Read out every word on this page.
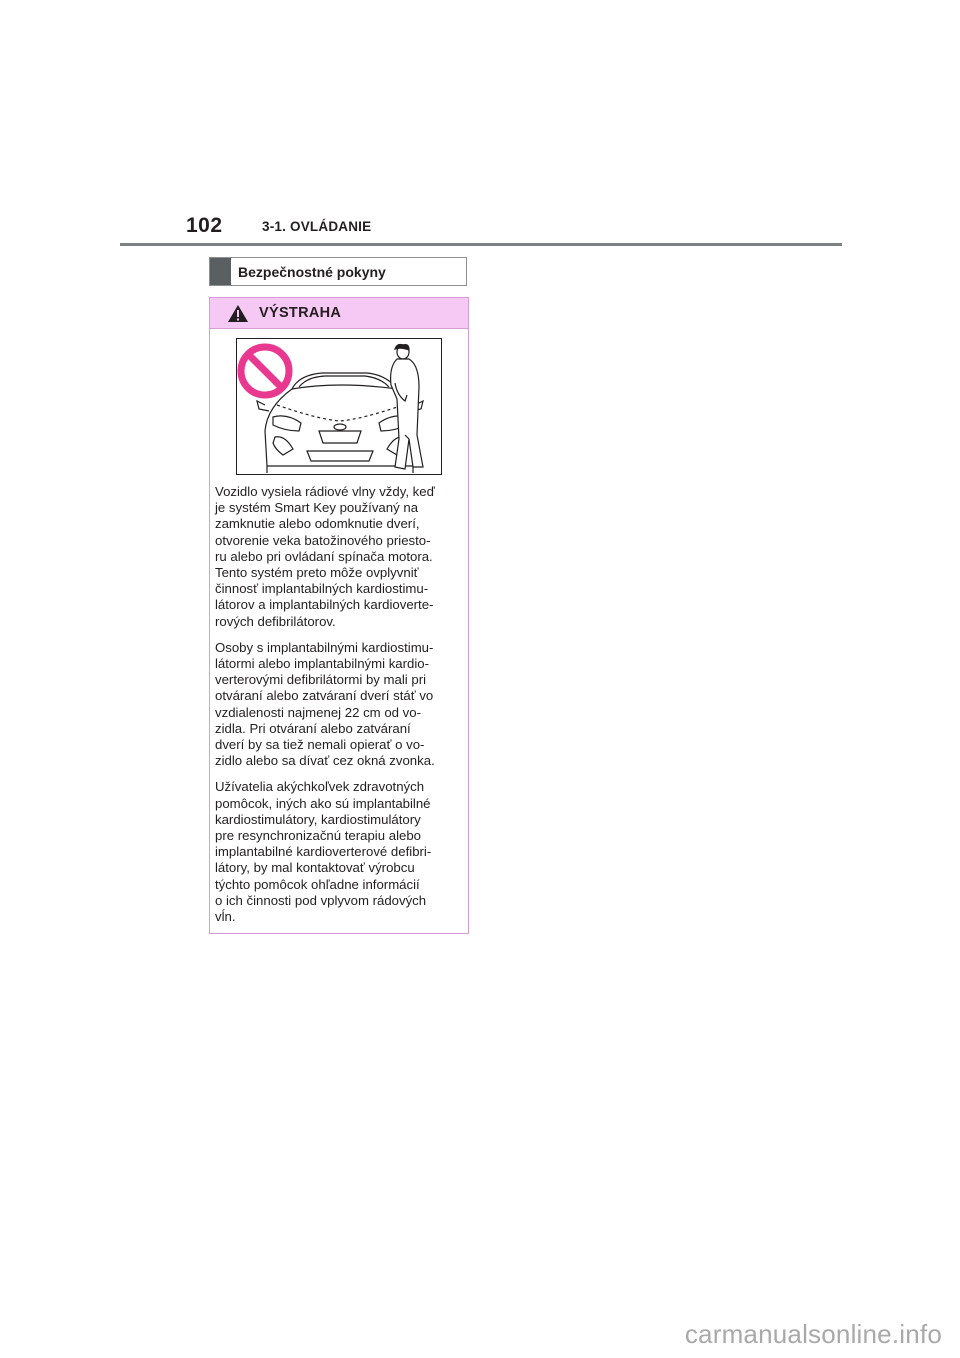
102	3-1. OVLÁDANIE
Bezpečnostné pokyny
VÝSTRAHA

Vozidlo vysiela rádiové vlny vždy, keď
je systém Smart Key používaný na
zamknutie alebo odomknutie dverí,
otvorenie veka batožinového priesto-
ru alebo pri ovládaní spínača motora.
Tento systém preto môže ovplyvniť
činnosť implantabilných kardiostimu-
látorov a implantabilných kardioverte-
rových defibrilátorov.

Osoby s implantabilnými kardiostimu-
látormi alebo implantabilnými kardio-
verterovými defibrilátormi by mali pri
otváraní alebo zatváraní dverí stáť vo
vzdialenosti najmenej 22 cm od vo-
zidla. Pri otváraní alebo zatváraní
dverí by sa tiež nemali opierať o vo-
zidlo alebo sa dívať cez okná zvonka.

Užívatelia akýchkoľvek zdravotných
pomôcok, iných ako sú implantabilné
kardiostimulátory, kardiostimulátory
pre resynchronizačnú terapiu alebo
implantabilné kardioverterové defibri-
látory, by mal kontaktovať výrobcu
týchto pomôcok ohľadne informácií
o ich činnosti pod vplyvom rádových
vĺn.

carmanualsonline.info
